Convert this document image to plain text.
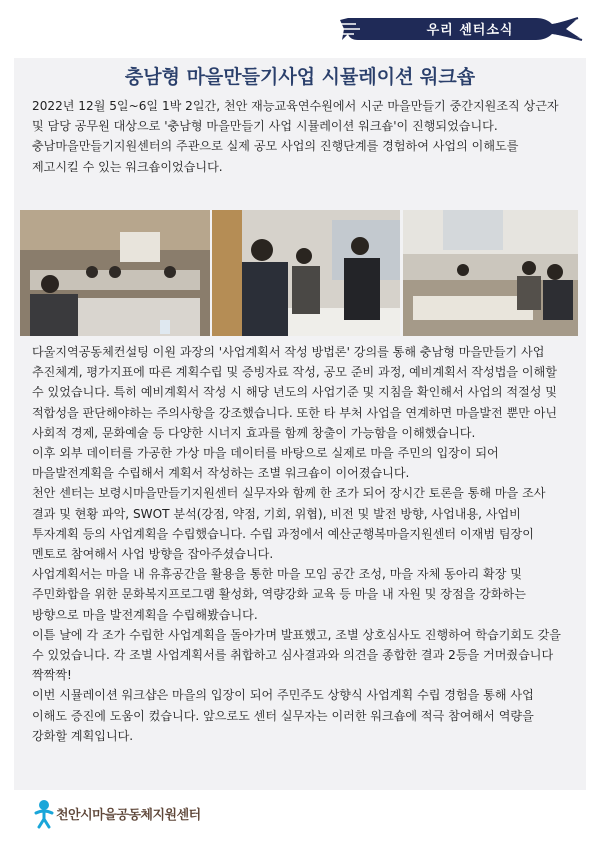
우리 센터소식
충남형 마을만들기사업 시뮬레이션 워크숍

2022년 12월 5일~6일 1박 2일간, 천안 재능교육연수원에서 시군 마을만들기 중간지원조직 상근자 및 담당 공무원 대상으로 '충남형 마을만들기 사업 시뮬레이션 워크숍'이 진행되었습니다. 충남마을만들기지원센터의 주관으로 실제 공모 사업의 진행단계를 경험하여 사업의 이해도를 제고시킬 수 있는 워크숍이었습니다.

다울지역공동체컨설팅 이원 과장의 '사업계획서 작성 방법론' 강의를 통해 충남형 마을만들기 사업 추진체계, 평가지표에 따른 계획수립 및 증빙자료 작성, 공모 준비 과정, 예비계획서 작성법을 이해할 수 있었습니다. 특히 예비계획서 작성 시 해당 년도의 사업기준 및 지침을 확인해서 사업의 적절성 및 적합성을 판단해야하는 주의사항을 강조했습니다. 또한 타 부처 사업을 연계하면 마을발전 뿐만 아닌 사회적 경제, 문화예술 등 다양한 시너지 효과를 함께 창출이 가능함을 이해했습니다.

이후 외부 데이터를 가공한 가상 마을 데이터를 바탕으로 실제로 마을 주민의 입장이 되어 마을발전계획을 수립해서 계획서 작성하는 조별 워크숍이 이어졌습니다.

천안 센터는 보령시마을만들기지원센터 실무자와 함께 한 조가 되어 장시간 토론을 통해 마을 조사 결과 및 현황 파악, SWOT 분석(강점, 약점, 기회, 위협), 비전 및 발전 방향, 사업내용, 사업비 투자계획 등의 사업계획을 수립했습니다. 수립 과정에서 예산군행복마을지원센터 이재범 팀장이 멘토로 참여해서 사업 방향을 잡아주셨습니다.

사업계획서는 마을 내 유휴공간을 활용을 통한 마을 모임 공간 조성, 마을 자체 동아리 확장 및 주민화합을 위한 문화복지프로그램 활성화, 역량강화 교육 등 마을 내 자원 및 장점을 강화하는 방향으로 마을 발전계획을 수립해봤습니다.

이튿 날에 각 조가 수립한 사업계획을 돌아가며 발표했고, 조별 상호심사도 진행하여 학습기회도 갖을 수 있었습니다. 각 조별 사업계획서를 취합하고 심사결과와 의견을 종합한 결과 2등을 거머줬습니다 짝짝짝!

이번 시뮬레이션 워크샵은 마을의 입장이 되어 주민주도 상향식 사업계획 수립 경험을 통해 사업 이해도 증진에 도움이 컸습니다. 앞으로도 센터 실무자는 이러한 워크숍에 적극 참여해서 역량을 강화할 계획입니다.

천안시마을공동체지원센터
